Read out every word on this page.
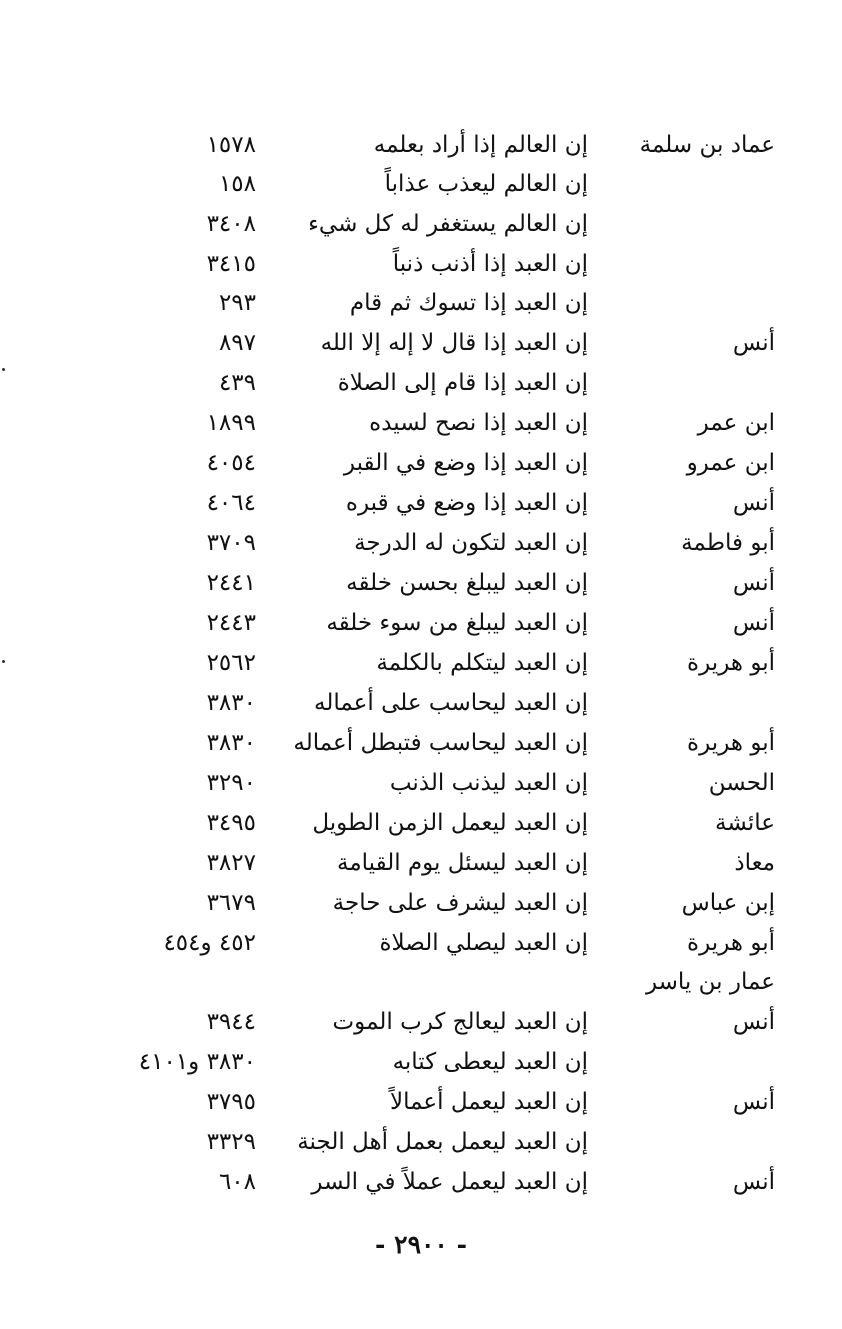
عماد بن سلمة
إن العالم إذا أراد بعلمه
١٥٧٨
إن العالم ليعذب عذاباً
١٥٨
إن العالم يستغفر له كل شيء
٣٤٠٨
إن العبد إذا أذنب ذنباً
٣٤١٥
إن العبد إذا تسوك ثم قام
٢٩٣
أنس
إن العبد إذا قال لا إله إلا الله
٨٩٧
إن العبد إذا قام إلى الصلاة
٤٣٩
ابن عمر
إن العبد إذا نصح لسيده
١٨٩٩
ابن عمرو
إن العبد إذا وضع في القبر
٤٠٥٤
أنس
إن العبد إذا وضع في قبره
٤٠٦٤
أبو فاطمة
إن العبد لتكون له الدرجة
٣٧٠٩
أنس
إن العبد ليبلغ بحسن خلقه
٢٤٤١
أنس
إن العبد ليبلغ من سوء خلقه
٢٤٤٣
أبو هريرة
إن العبد ليتكلم بالكلمة
٢٥٦٢
إن العبد ليحاسب على أعماله
٣٨٣٠
أبو هريرة
إن العبد ليحاسب فتبطل أعماله
٣٨٣٠
الحسن
إن العبد ليذنب الذنب
٣٢٩٠
عائشة
إن العبد ليعمل الزمن الطويل
٣٤٩٥
معاذ
إن العبد ليسئل يوم القيامة
٣٨٢٧
إبن عباس
إن العبد ليشرف على حاجة
٣٦٧٩
أبو هريرة
إن العبد ليصلي الصلاة
٤٥٢ و٤٥٤
عمار بن ياسر
أنس
إن العبد ليعالج كرب الموت
٣٩٤٤
إن العبد ليعطى كتابه
٣٨٣٠ و٤١٠١
أنس
إن العبد ليعمل أعمالاً
٣٧٩٥
إن العبد ليعمل بعمل أهل الجنة
٣٣٢٩
أنس
إن العبد ليعمل عملاً في السر
٦٠٨
- ٢٩٠٠ -
